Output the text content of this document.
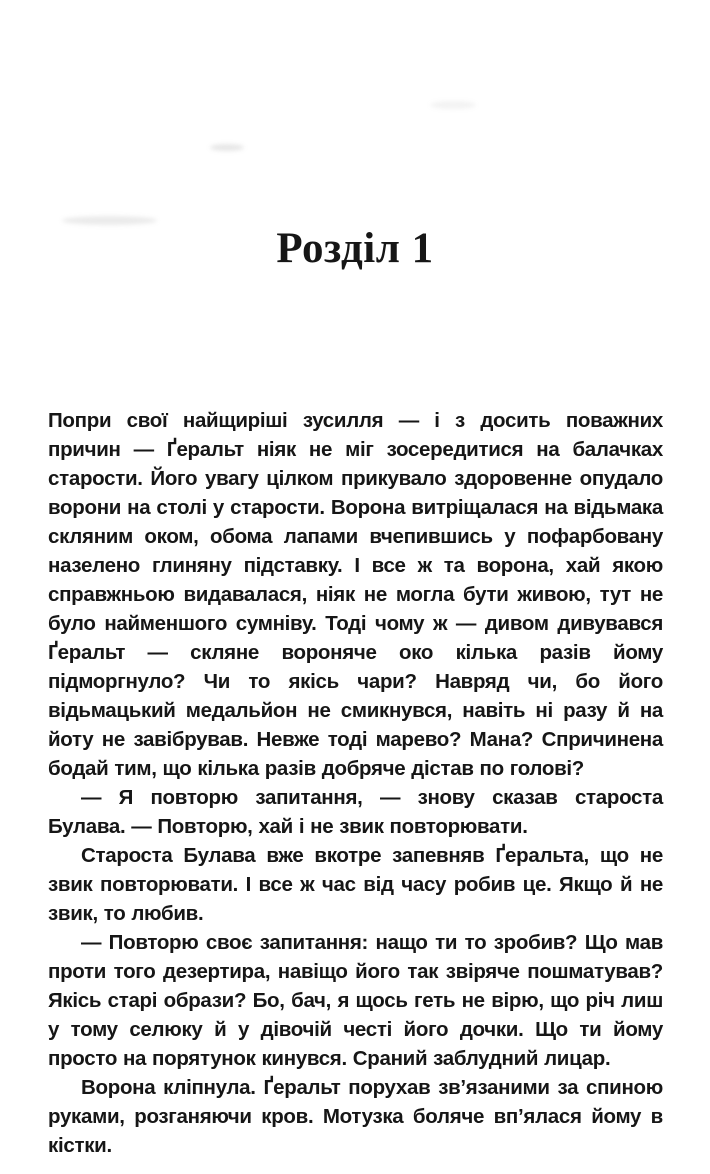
Розділ 1

Попри свої найщиріші зусилля — і з досить поважних причин — Ґеральт ніяк не міг зосередитися на балачках старости. Його увагу цілком прикувало здоровенне опудало ворони на столі у старости. Ворона витріщалася на відьмака скляним оком, обома лапами вчепившись у пофарбовану назелено глиняну підставку. І все ж та ворона, хай якою справжньою видавалася, ніяк не могла бути живою, тут не було найменшого сумніву. Тоді чому ж — дивом дивувався Ґеральт — скляне вороняче око кілька разів йому підморгнуло? Чи то якісь чари? Навряд чи, бо його відьмацький медальйон не смикнувся, навіть ні разу й на йоту не завібрував. Невже тоді марево? Мана? Спричинена бодай тим, що кілька разів добряче дістав по голові?

— Я повторю запитання, — знову сказав староста Булава. — Повторю, хай і не звик повторювати.

Староста Булава вже вкотре запевняв Ґеральта, що не звик повторювати. І все ж час від часу робив це. Якщо й не звик, то любив.

— Повторю своє запитання: нащо ти то зробив? Що мав проти того дезертира, навіщо його так звіряче пошматував? Якісь старі образи? Бо, бач, я щось геть не вірю, що річ лиш у тому селюку й у дівочій честі його дочки. Що ти йому просто на порятунок кинувся. Сраний заблудний лицар.

Ворона кліпнула. Ґеральт порухав зв’язаними за спиною руками, розганяючи кров. Мотузка боляче вп’ялася йому в кістки.
